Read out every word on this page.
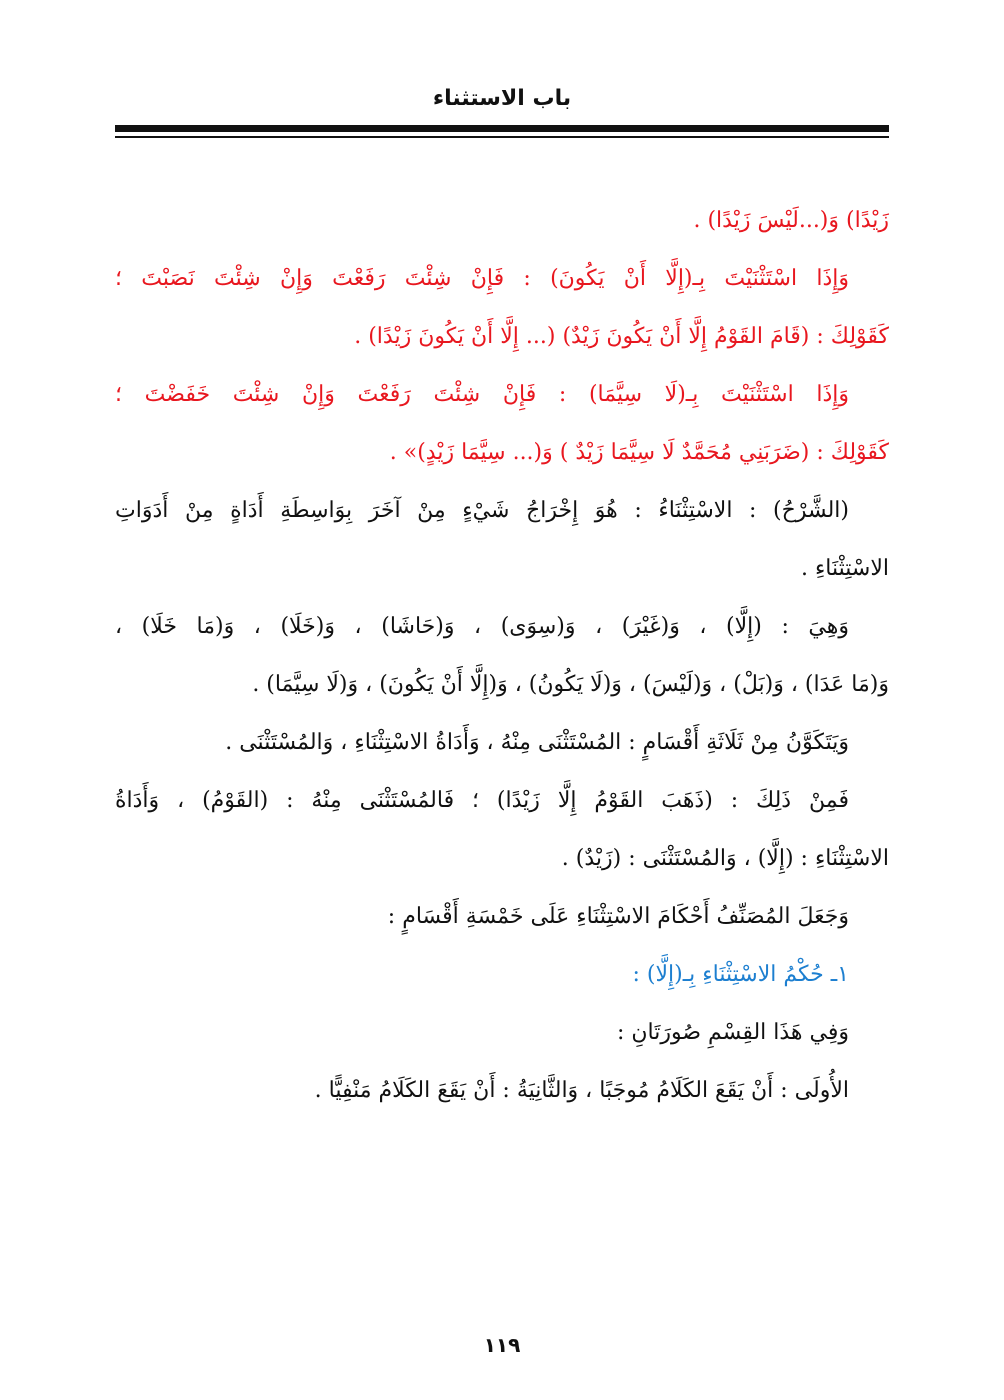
باب الاستثناء
زَيْدًا) وَ(...لَيْسَ زَيْدًا) .
وَإِذَا اسْتَثْنَيْتَ بِـ(إِلَّا أَنْ يَكُونَ) : فَإِنْ شِئْتَ رَفَعْتَ وَإِنْ شِئْتَ نَصَبْتَ ؛
كَقَوْلِكَ : (قَامَ القَوْمُ إِلَّا أَنْ يَكُونَ زَيْدٌ) (... إِلَّا أَنْ يَكُونَ زَيْدًا) .
وَإِذَا اسْتَثْنَيْتَ بِـ(لَا سِيَّمَا) : فَإِنْ شِئْتَ رَفَعْتَ وَإِنْ شِئْتَ خَفَضْتَ ؛
كَقَوْلِكَ : (ضَرَبَنِي مُحَمَّدٌ لَا سِيَّمَا زَيْدٌ ) وَ(... سِيَّمَا زَيْدٍ)» .
(الشَّرْحُ) : الاسْتِثْنَاءُ : هُوَ إِخْرَاجُ شَيْءٍ مِنْ آخَرَ بِوَاسِطَةِ أَدَاةٍ مِنْ أَدَوَاتِ
الاسْتِثْنَاءِ .
وَهِيَ : (إِلَّا) ، وَ(غَيْرَ) ، وَ(سِوَى) ، وَ(حَاشَا) ، وَ(خَلَا) ، وَ(مَا خَلَا) ،
وَ(مَا عَدَا) ، وَ(بَلْ) ، وَ(لَيْسَ) ، وَ(لَا يَكُونُ) ، وَ(إِلَّا أَنْ يَكُونَ) ، وَ(لَا سِيَّمَا) .
وَيَتَكَوَّنُ مِنْ ثَلَاثَةِ أَقْسَامٍ : المُسْتَثْنَى مِنْهُ ، وَأَدَاةُ الاسْتِثْنَاءِ ، وَالمُسْتَثْنَى .
فَمِنْ ذَلِكَ : (ذَهَبَ القَوْمُ إِلَّا زَيْدًا) ؛ فَالمُسْتَثْنَى مِنْهُ : (القَوْمُ) ، وَأَدَاةُ
الاسْتِثْنَاءِ : (إِلَّا) ، وَالمُسْتَثْنَى : (زَيْدٌ) .
وَجَعَلَ المُصَنِّفُ أَحْكَامَ الاسْتِثْنَاءِ عَلَى خَمْسَةِ أَقْسَامٍ :
١ـ حُكْمُ الاسْتِثْنَاءِ بِـ(إِلَّا) :
وَفِي هَذَا القِسْمِ صُورَتَانِ :
الأُولَى : أَنْ يَقَعَ الكَلَامُ مُوجَبًا ، وَالثَّانِيَةُ : أَنْ يَقَعَ الكَلَامُ مَنْفِيًّا .
١١٩
